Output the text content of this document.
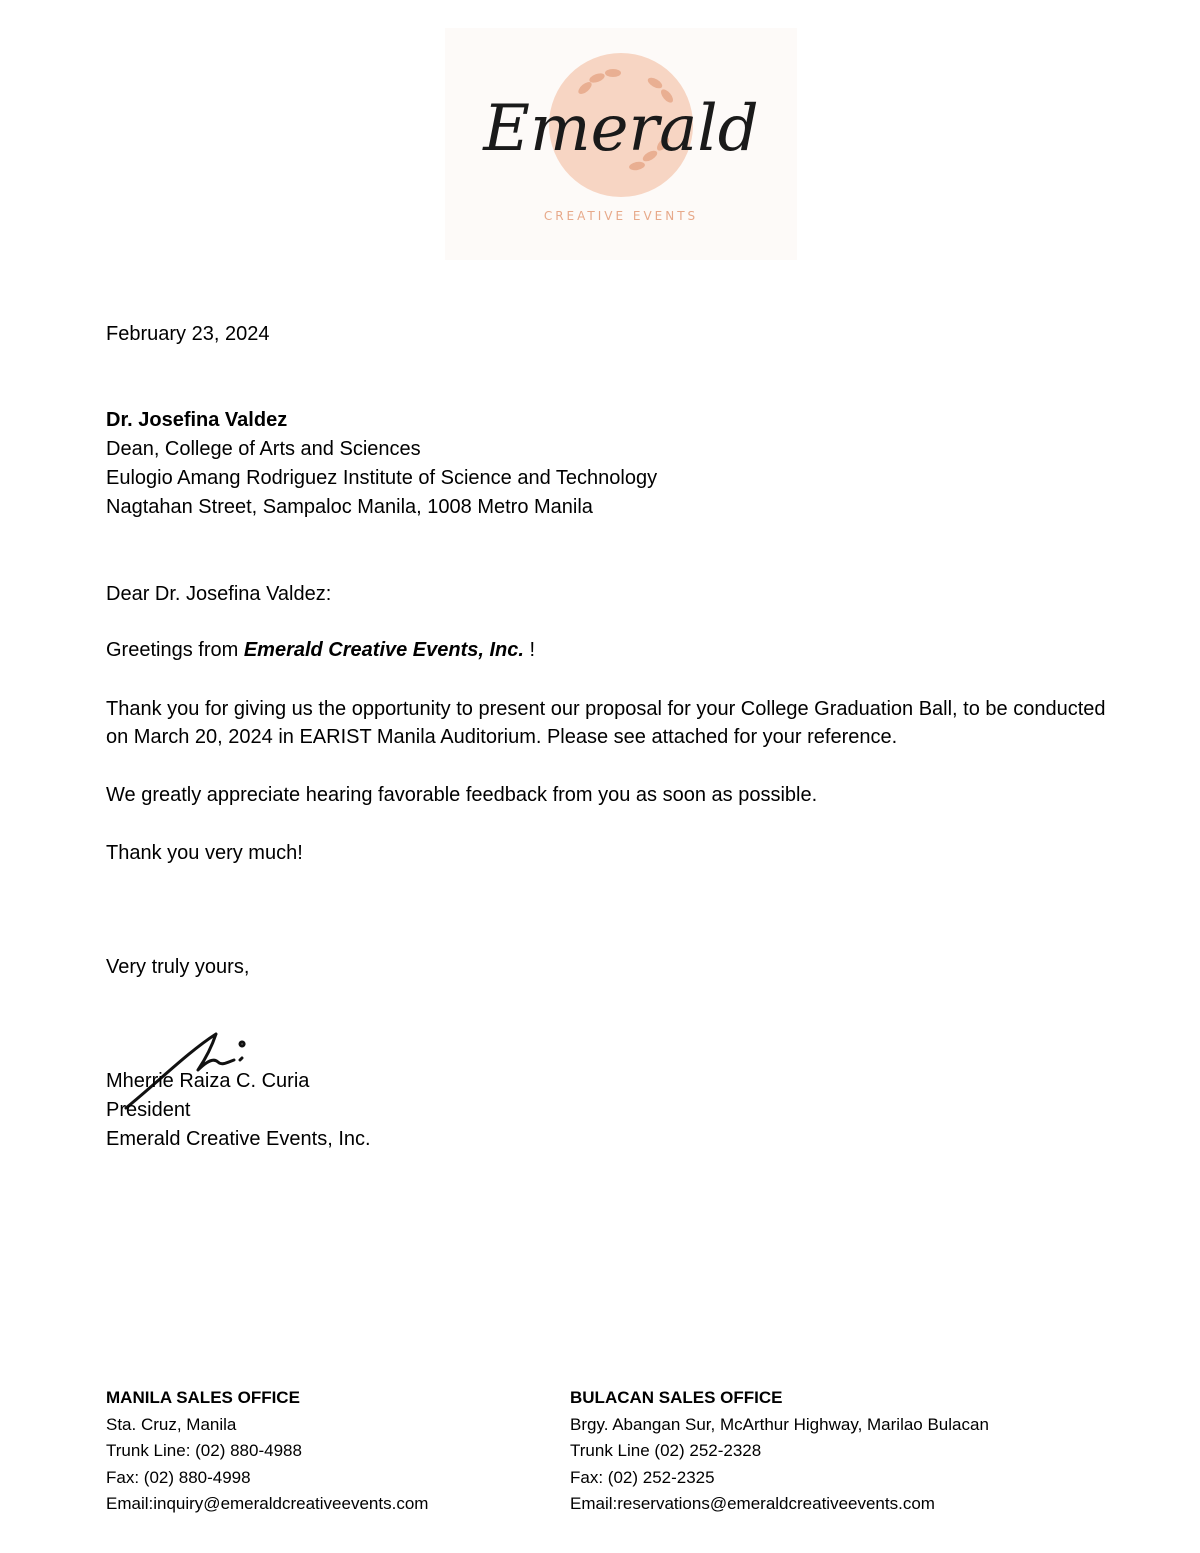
Emerald
CREATIVE EVENTS
February 23, 2024
Dr. Josefina Valdez
Dean, College of Arts and Sciences
Eulogio Amang Rodriguez Institute of Science and Technology
Nagtahan Street, Sampaloc Manila, 1008 Metro Manila
Dear Dr. Josefina Valdez:
Greetings from Emerald Creative Events, Inc. !
Thank you for giving us the opportunity to present our proposal for your College Graduation Ball, to be conducted on March 20, 2024 in EARIST Manila Auditorium. Please see attached for your reference.
We greatly appreciate hearing favorable feedback from you as soon as possible.
Thank you very much!
Very truly yours,
Mherrie Raiza C. Curia
President
Emerald Creative Events, Inc.
MANILA SALES OFFICE
Sta. Cruz, Manila
Trunk Line: (02) 880-4988
Fax: (02) 880-4998
Email:inquiry@emeraldcreativeevents.com
BULACAN SALES OFFICE
Brgy. Abangan Sur, McArthur Highway, Marilao Bulacan
Trunk Line (02) 252-2328
Fax: (02) 252-2325
Email:reservations@emeraldcreativeevents.com
